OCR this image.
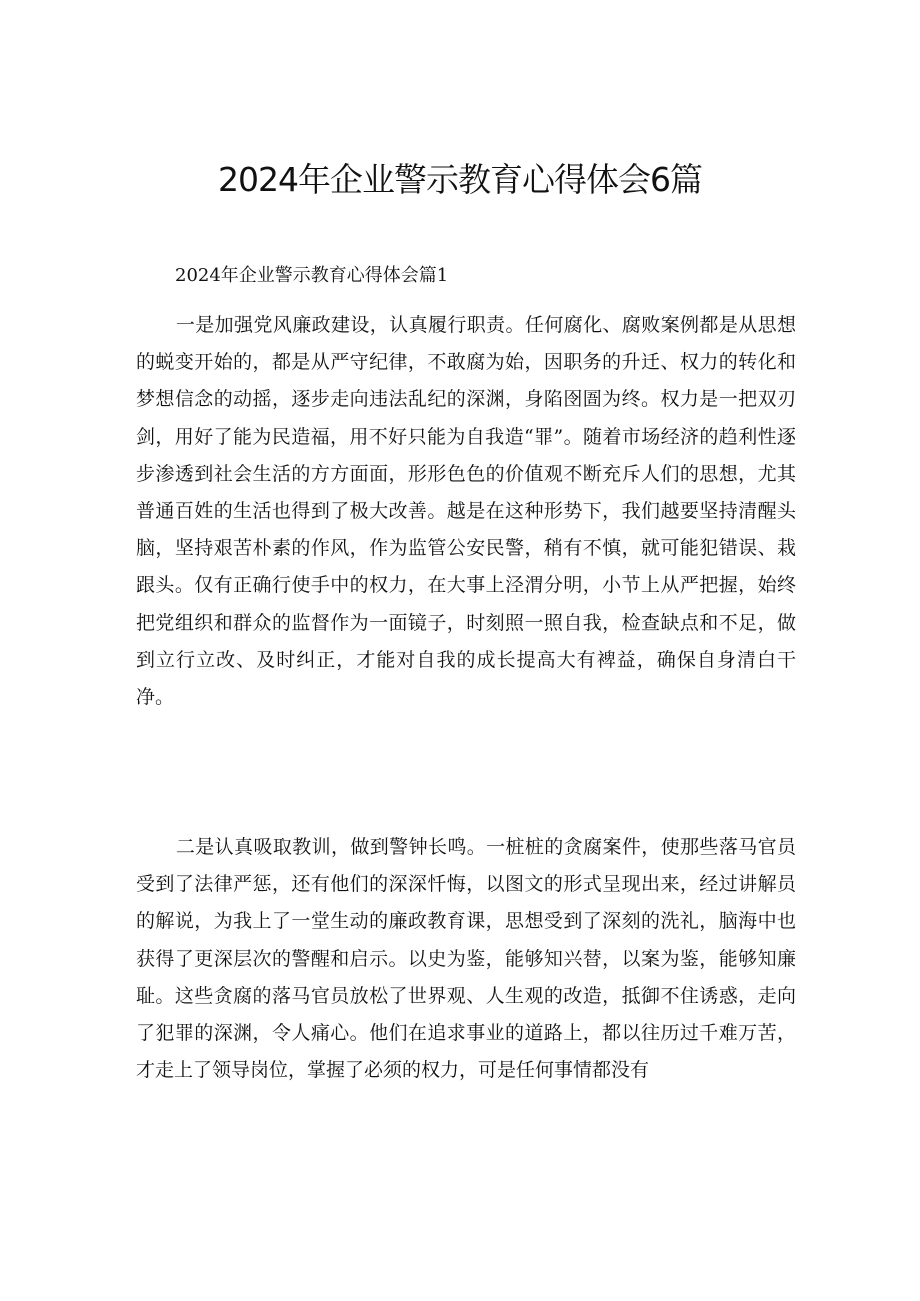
2024年企业警示教育心得体会6篇
2024年企业警示教育心得体会篇1

一是加强党风廉政建设，认真履行职责。任何腐化、腐败案例都是从思想的蜕变开始的，都是从严守纪律，不敢腐为始，因职务的升迁、权力的转化和梦想信念的动摇，逐步走向违法乱纪的深渊，身陷囹圄为终。权力是一把双刃剑，用好了能为民造福，用不好只能为自我造“罪”。随着市场经济的趋利性逐步渗透到社会生活的方方面面，形形色色的价值观不断充斥人们的思想，尤其普通百姓的生活也得到了极大改善。越是在这种形势下，我们越要坚持清醒头脑，坚持艰苦朴素的作风，作为监管公安民警，稍有不慎，就可能犯错误、栽跟头。仅有正确行使手中的权力，在大事上泾渭分明，小节上从严把握，始终把党组织和群众的监督作为一面镜子，时刻照一照自我，检查缺点和不足，做到立行立改、及时纠正，才能对自我的成长提高大有裨益，确保自身清白干净。

二是认真吸取教训，做到警钟长鸣。一桩桩的贪腐案件，使那些落马官员受到了法律严惩，还有他们的深深忏悔，以图文的形式呈现出来，经过讲解员的解说，为我上了一堂生动的廉政教育课，思想受到了深刻的洗礼，脑海中也获得了更深层次的警醒和启示。以史为鉴，能够知兴替，以案为鉴，能够知廉耻。这些贪腐的落马官员放松了世界观、人生观的改造，抵御不住诱惑，走向了犯罪的深渊，令人痛心。他们在追求事业的道路上，都以往历过千难万苦，才走上了领导岗位，掌握了必须的权力，可是任何事情都没有
